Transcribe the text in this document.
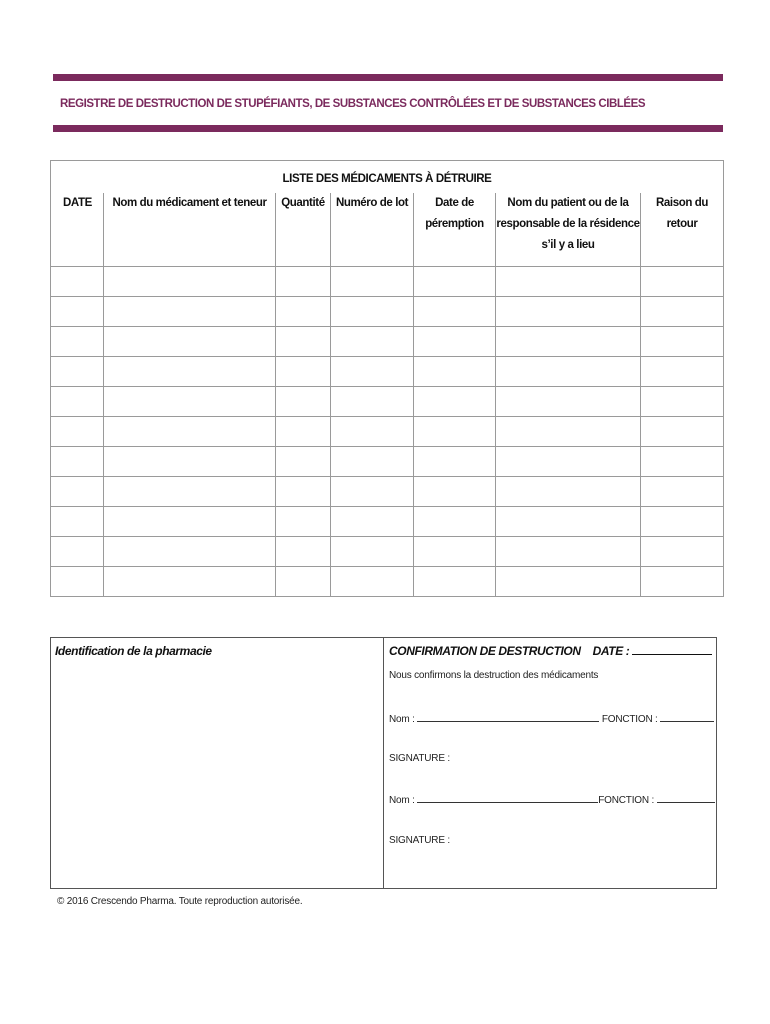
REGISTRE DE DESTRUCTION DE STUPÉFIANTS, DE SUBSTANCES CONTRÔLÉES ET DE SUBSTANCES CIBLÉES
LISTE DES MÉDICAMENTS À DÉTRUIRE						
DATE	Nom du médicament et teneur	Quantité	Numéro de lot	Date de péremption	Nom du patient ou de la responsable de la résidence s’il y a lieu	Raison du retour

Identification de la pharmacie	CONFIRMATION DE DESTRUCTION DATE :
Nous confirmons la destruction des médicaments
Nom :	FONCTION :
SIGNATURE :
Nom :	FONCTION :
SIGNATURE :
© 2016 Crescendo Pharma. Toute reproduction autorisée.
